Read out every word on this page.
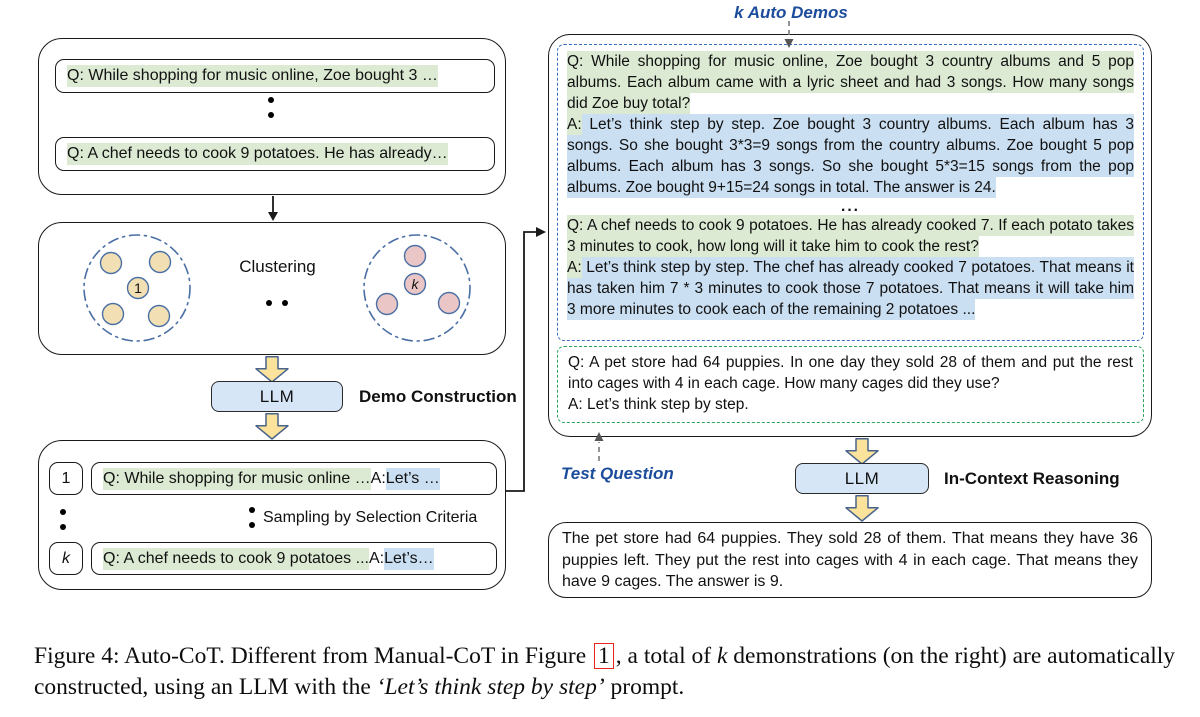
Q: While shopping for music online, Zoe bought 3 …
Q: A chef needs to cook 9 potatoes. He has already…
1
Clustering
k
LLM	Demo Construction
1 Q: While shopping for music online … A: Let’s …
Sampling by Selection Criteria
k Q: A chef needs to cook 9 potatoes ... A: Let’s…
k Auto Demos

Q: While shopping for music online, Zoe bought 3 country albums and 5 pop albums. Each album came with a lyric sheet and had 3 songs. How many songs did Zoe buy total?

A: Let’s think step by step. Zoe bought 3 country albums. Each album has 3 songs. So she bought 3*3=9 songs from the country albums. Zoe bought 5 pop albums. Each album has 3 songs. So she bought 5*3=15 songs from the pop albums. Zoe bought 9+15=24 songs in total. The answer is 24.

...

Q: A chef needs to cook 9 potatoes. He has already cooked 7. If each potato takes 3 minutes to cook, how long will it take him to cook the rest?

A: Let’s think step by step. The chef has already cooked 7 potatoes. That means it has taken him 7 * 3 minutes to cook those 7 potatoes. That means it will take him 3 more minutes to cook each of the remaining 2 potatoes ...

Q: A pet store had 64 puppies. In one day they sold 28 of them and put the rest into cages with 4 in each cage. How many cages did they use?

A: Let’s think step by step.

Test Question	LLM	In-Context Reasoning
The pet store had 64 puppies. They sold 28 of them. That means they have 36 puppies left. They put the rest into cages with 4 in each cage. That means they have 9 cages. The answer is 9.
Figure 4: Auto-CoT. Different from Manual-CoT in Figure 1 , a total of k demonstrations (on the right) are automatically constructed, using an LLM with the ‘Let’s think step by step’ prompt.
